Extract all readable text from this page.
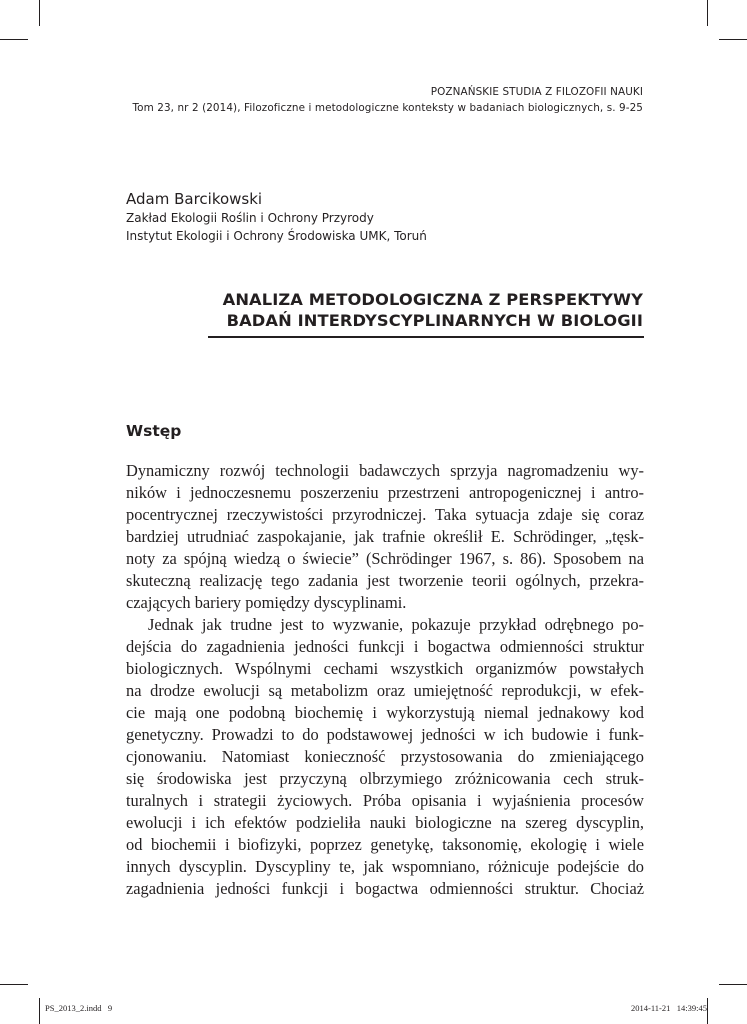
POZNAŃSKIE STUDIA Z FILOZOFII NAUKI
Tom 23, nr 2 (2014), Filozoficzne i metodologiczne konteksty w badaniach biologicznych, s. 9-25
Adam Barcikowski
Zakład Ekologii Roślin i Ochrony Przyrody
Instytut Ekologii i Ochrony Środowiska UMK, Toruń
ANALIZA METODOLOGICZNA Z PERSPEKTYWY
BADAŃ INTERDYSCYPLINARNYCH W BIOLOGII
Wstęp
Dynamiczny rozwój technologii badawczych sprzyja nagromadzeniu wy-
ników i jednoczesnemu poszerzeniu przestrzeni antropogenicznej i antro-
pocentrycznej rzeczywistości przyrodniczej. Taka sytuacja zdaje się coraz
bardziej utrudniać zaspokajanie, jak trafnie określił E. Schrödinger, „tęsk-
noty za spójną wiedzą o świecie” (Schrödinger 1967, s. 86). Sposobem na
skuteczną realizację tego zadania jest tworzenie teorii ogólnych, przekra-
czających bariery pomiędzy dyscyplinami.
Jednak jak trudne jest to wyzwanie, pokazuje przykład odrębnego po-
dejścia do zagadnienia jedności funkcji i bogactwa odmienności struktur
biologicznych. Wspólnymi cechami wszystkich organizmów powstałych
na drodze ewolucji są metabolizm oraz umiejętność reprodukcji, w efek-
cie mają one podobną biochemię i wykorzystują niemal jednakowy kod
genetyczny. Prowadzi to do podstawowej jedności w ich budowie i funk-
cjonowaniu. Natomiast konieczność przystosowania do zmieniającego
się środowiska jest przyczyną olbrzymiego zróżnicowania cech struk-
turalnych i strategii życiowych. Próba opisania i wyjaśnienia procesów
ewolucji i ich efektów podzieliła nauki biologiczne na szereg dyscyplin,
od biochemii i biofizyki, poprzez genetykę, taksonomię, ekologię i wiele
innych dyscyplin. Dyscypliny te, jak wspomniano, różnicuje podejście do
zagadnienia jedności funkcji i bogactwa odmienności struktur. Chociaż
PS_2013_2.indd   9	2014-11-21   14:39:45
